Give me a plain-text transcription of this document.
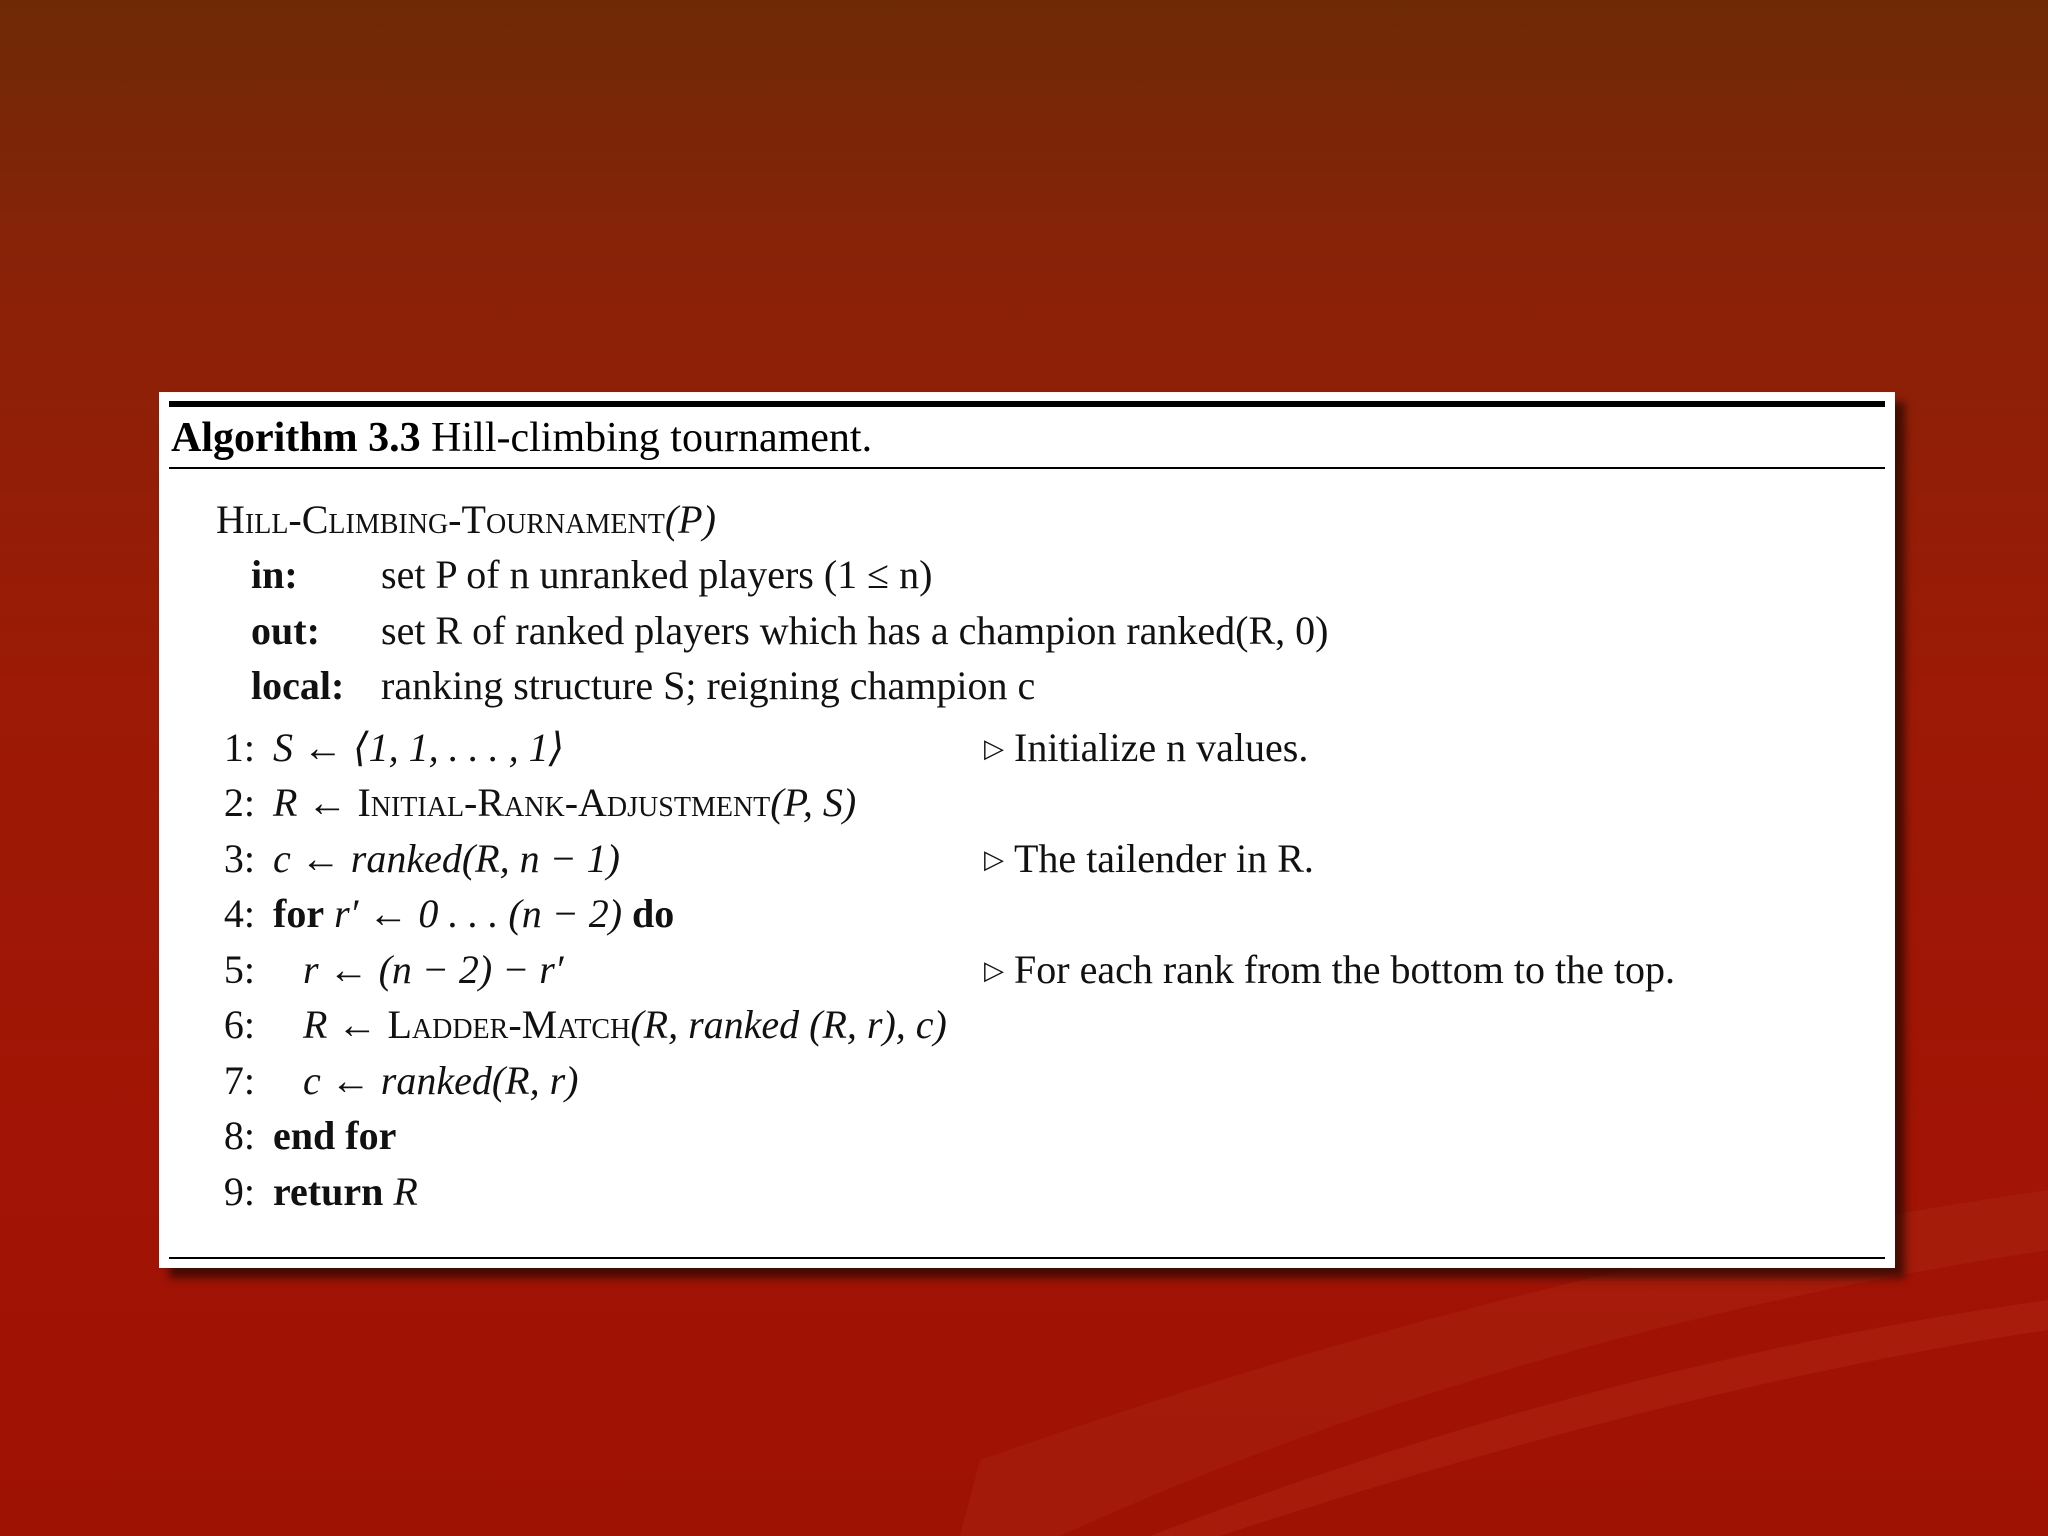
Algorithm 3.3 Hill-climbing tournament.
Hill-Climbing-Tournament(P)
in: set P of n unranked players (1 ≤ n)
out: set R of ranked players which has a champion ranked(R, 0)
local: ranking structure S; reigning champion c
1: S ← ⟨1, 1, . . . , 1⟩	▷ Initialize n values.
2: R ← Initial-Rank-Adjustment(P, S)
3: c ← ranked(R, n − 1)	▷ The tailender in R.
4: for r′ ← 0 . . . (n − 2) do
5: r ← (n − 2) − r′	▷ For each rank from the bottom to the top.
6: R ← Ladder-Match(R, ranked (R, r), c)
7: c ← ranked(R, r)
8: end for
9: return R
